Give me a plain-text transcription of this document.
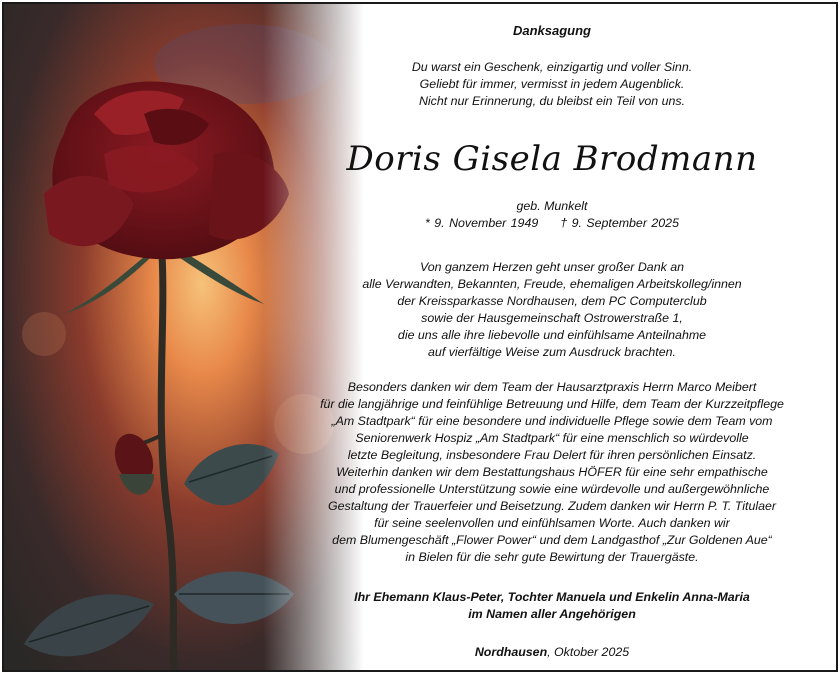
Danksagung
Du warst ein Geschenk, einzigartig und voller Sinn.
Geliebt für immer, vermisst in jedem Augenblick.
Nicht nur Erinnerung, du bleibst ein Teil von uns.
Doris Gisela Brodmann
geb. Munkelt
* 9. November 1949 † 9. September 2025
Von ganzem Herzen geht unser großer Dank an
alle Verwandten, Bekannten, Freude, ehemaligen Arbeitskolleg/innen
der Kreissparkasse Nordhausen, dem PC Computerclub
sowie der Hausgemeinschaft Ostrowerstraße 1,
die uns alle ihre liebevolle und einfühlsame Anteilnahme
auf vierfältige Weise zum Ausdruck brachten.
Besonders danken wir dem Team der Hausarztpraxis Herrn Marco Meibert
für die langjährige und feinfühlige Betreuung und Hilfe, dem Team der Kurzzeitpflege
„Am Stadtpark“ für eine besondere und individuelle Pflege sowie dem Team vom
Seniorenwerk Hospiz „Am Stadtpark“ für eine menschlich so würdevolle
letzte Begleitung, insbesondere Frau Delert für ihren persönlichen Einsatz.
Weiterhin danken wir dem Bestattungshaus HÖFER für eine sehr empathische
und professionelle Unterstützung sowie eine würdevolle und außergewöhnliche
Gestaltung der Trauerfeier und Beisetzung. Zudem danken wir Herrn P. T. Titulaer
für seine seelenvollen und einfühlsamen Worte. Auch danken wir
dem Blumengeschäft „Flower Power“ und dem Landgasthof „Zur Goldenen Aue“
in Bielen für die sehr gute Bewirtung der Trauergäste.
Ihr Ehemann Klaus-Peter, Tochter Manuela und Enkelin Anna-Maria
im Namen aller Angehörigen
Nordhausen, Oktober 2025
